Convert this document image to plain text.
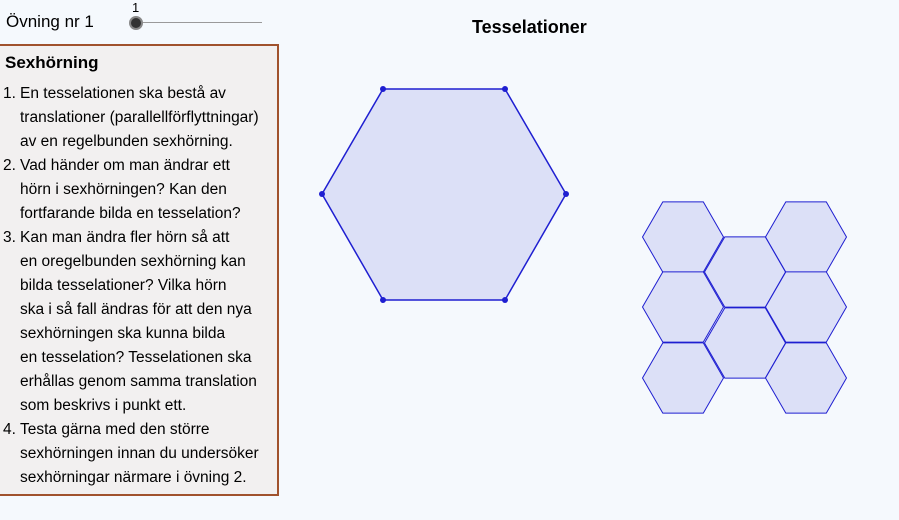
Övning nr 1
1
Tesselationer
Sexhörning
1. En tesselationen ska bestå av
translationer (parallellförflyttningar)
av en regelbunden sexhörning.
2. Vad händer om man ändrar ett
hörn i sexhörningen? Kan den
fortfarande bilda en tesselation?
3. Kan man ändra fler hörn så att
en oregelbunden sexhörning kan
bilda tesselationer? Vilka hörn
ska i så fall ändras för att den nya
sexhörningen ska kunna bilda
en tesselation? Tesselationen ska
erhållas genom samma translation
som beskrivs i punkt ett.
4. Testa gärna med den större
sexhörningen innan du undersöker
sexhörningar närmare i övning 2.
